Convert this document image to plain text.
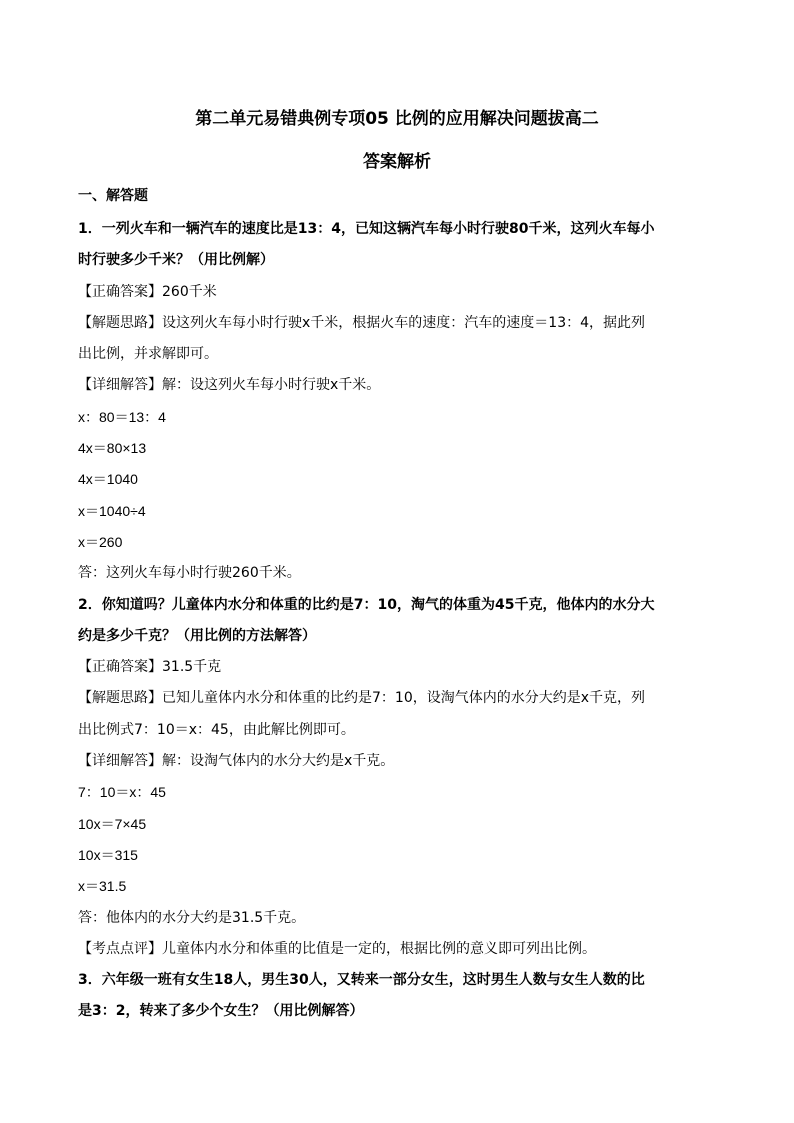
第二单元易错典例专项05 比例的应用解决问题拔高二
答案解析
一、解答题
1．一列火车和一辆汽车的速度比是13：4，已知这辆汽车每小时行驶80千米，这列火车每小
时行驶多少千米？（用比例解）
【正确答案】260千米
【解题思路】设这列火车每小时行驶x千米，根据火车的速度：汽车的速度＝13：4，据此列
出比例，并求解即可。
【详细解答】解：设这列火车每小时行驶x千米。
x：80＝13：4
4x＝80×13
4x＝1040
x＝1040÷4
x＝260
答：这列火车每小时行驶260千米。
2．你知道吗？儿童体内水分和体重的比约是7：10，淘气的体重为45千克，他体内的水分大
约是多少千克？（用比例的方法解答）
【正确答案】31.5千克
【解题思路】已知儿童体内水分和体重的比约是7：10，设淘气体内的水分大约是x千克，列
出比例式7：10＝x：45，由此解比例即可。
【详细解答】解：设淘气体内的水分大约是x千克。
7：10＝x：45
10x＝7×45
10x＝315
x＝31.5
答：他体内的水分大约是31.5千克。
【考点点评】儿童体内水分和体重的比值是一定的，根据比例的意义即可列出比例。
3．六年级一班有女生18人，男生30人，又转来一部分女生，这时男生人数与女生人数的比
是3：2，转来了多少个女生？（用比例解答）
